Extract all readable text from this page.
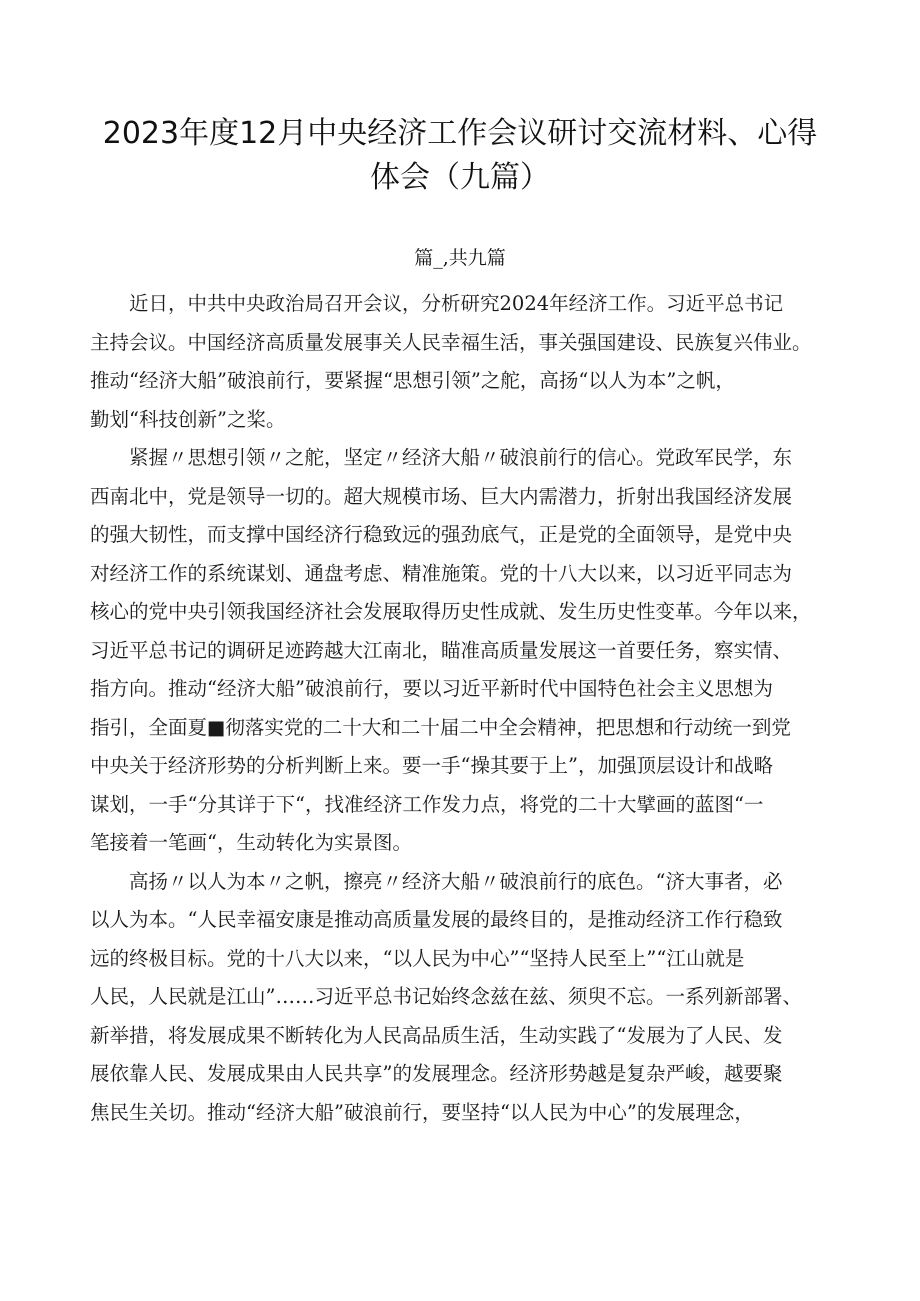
2023年度12月中央经济工作会议研讨交流材料、心得
体会（九篇）

篇_,共九篇

近日，中共中央政治局召开会议，分析研究2024年经济工作。习近平总书记
主持会议。中国经济高质量发展事关人民幸福生活，事关强国建设、民族复兴伟业。
推动“经济大船”破浪前行，要紧握“思想引领”之舵，高扬“以人为本”之帆，
勤划“科技创新”之桨。

紧握〃思想引领〃之舵，坚定〃经济大船〃破浪前行的信心。党政军民学，东
西南北中，党是领导一切的。超大规模市场、巨大内需潜力，折射出我国经济发展
的强大韧性，而支撑中国经济行稳致远的强劲底气，正是党的全面领导，是党中央
对经济工作的系统谋划、通盘考虑、精准施策。党的十八大以来，以习近平同志为
核心的党中央引领我国经济社会发展取得历史性成就、发生历史性变革。今年以来，
习近平总书记的调研足迹跨越大江南北，瞄准高质量发展这一首要任务，察实情、
指方向。推动“经济大船”破浪前行，要以习近平新时代中国特色社会主义思想为
指引，全面夏■彻落实党的二十大和二十届二中全会精神，把思想和行动统一到党
中央关于经济形势的分析判断上来。要一手“操其要于上”，加强顶层设计和战略
谋划，一手“分其详于下“，找准经济工作发力点，将党的二十大擘画的蓝图“一
笔接着一笔画“，生动转化为实景图。

高扬〃以人为本〃之帆，擦亮〃经济大船〃破浪前行的底色。“济大事者，必
以人为本。“人民幸福安康是推动高质量发展的最终目的，是推动经济工作行稳致
远的终极目标。党的十八大以来，“以人民为中心”“坚持人民至上”“江山就是
人民，人民就是江山”……习近平总书记始终念兹在兹、须臾不忘。一系列新部署、
新举措，将发展成果不断转化为人民高品质生活，生动实践了“发展为了人民、发
展依靠人民、发展成果由人民共享”的发展理念。经济形势越是复杂严峻，越要聚
焦民生关切。推动“经济大船”破浪前行，要坚持“以人民为中心”的发展理念，
